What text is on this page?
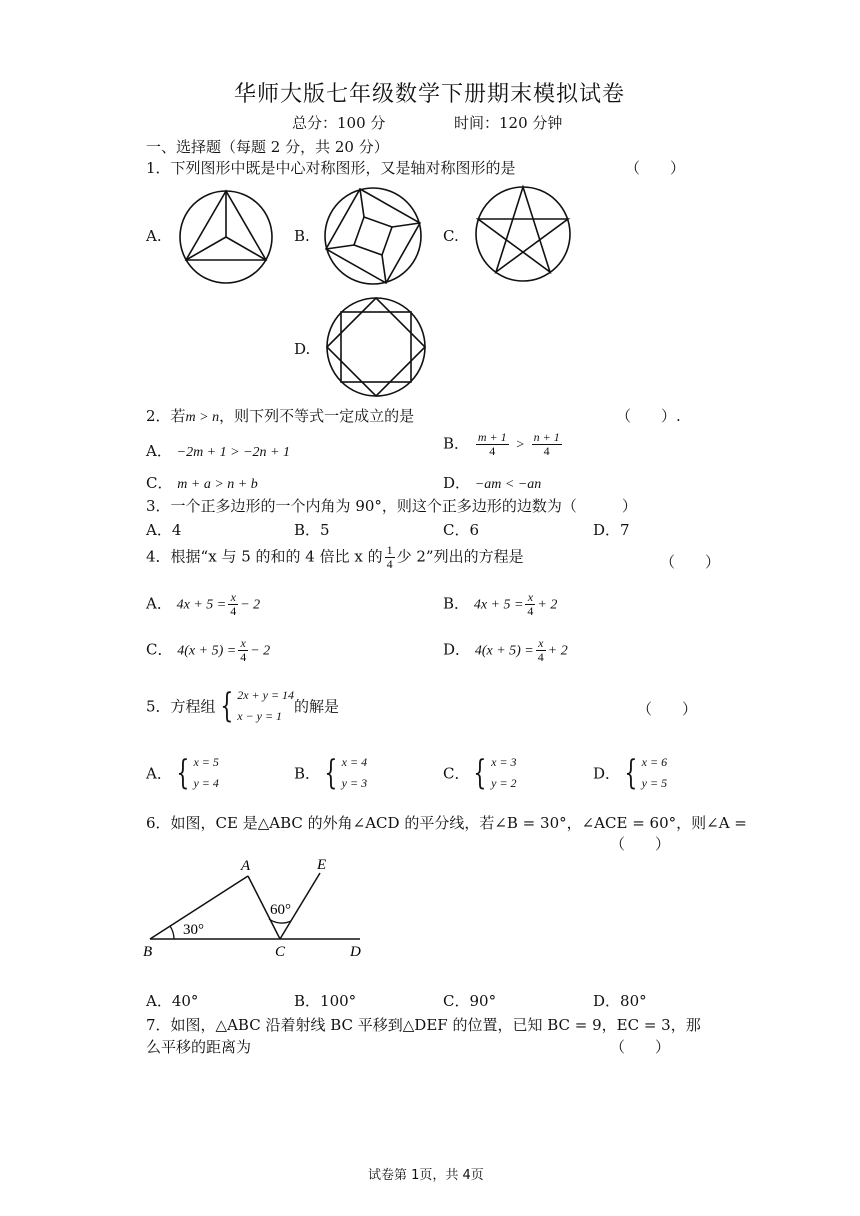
华师大版七年级数学下册期末模拟试卷
总分：100 分	时间：120 分钟
一、选择题（每题 2 分，共 20 分）
1．下列图形中既是中心对称图形，又是轴对称图形的是	（　　）
A.	B.	C.
D.
2．若m > n，则下列不等式一定成立的是	（　　）.
A． −2m + 1 > −2n + 1	B． $\frac{m + 1}{4} > \frac{n + 1}{4}$
C． m + a > n + b	D． −am < −an
3．一个正多边形的一个内角为 90°，则这个正多边形的边数为（　　　）
A．4	B．5	C．6	D．7
4．根据“x 与 5 的和的 4 倍比 x 的 $\frac{1}{4}$ 少 2”列出的方程是	（　　）
A． $4x + 5 = \frac{x}{4} - 2$	B． $4x + 5 = \frac{x}{4} + 2$
C． $4(x + 5) = \frac{x}{4} - 2$	D． $4(x + 5) = \frac{x}{4} + 2$
5．方程组 { 2x + y = 14
x − y = 1
的解是	（　　）
A． { x = 5
y = 4
B． { x = 4
y = 3
C． { x = 3
y = 2
D． { x = 6
y = 5
6．如图，CE 是△ABC 的外角∠ACD 的平分线，若∠B = 30°，∠ACE = 60°，则∠A =
（　　）
A	E
B	C	D
30°
60°
A．40°	B．100°	C．90°	D．80°
7．如图，△ABC 沿着射线 BC 平移到△DEF 的位置，已知 BC = 9，EC = 3，那
么平移的距离为	（　　）
试卷第 1页，共 4页
